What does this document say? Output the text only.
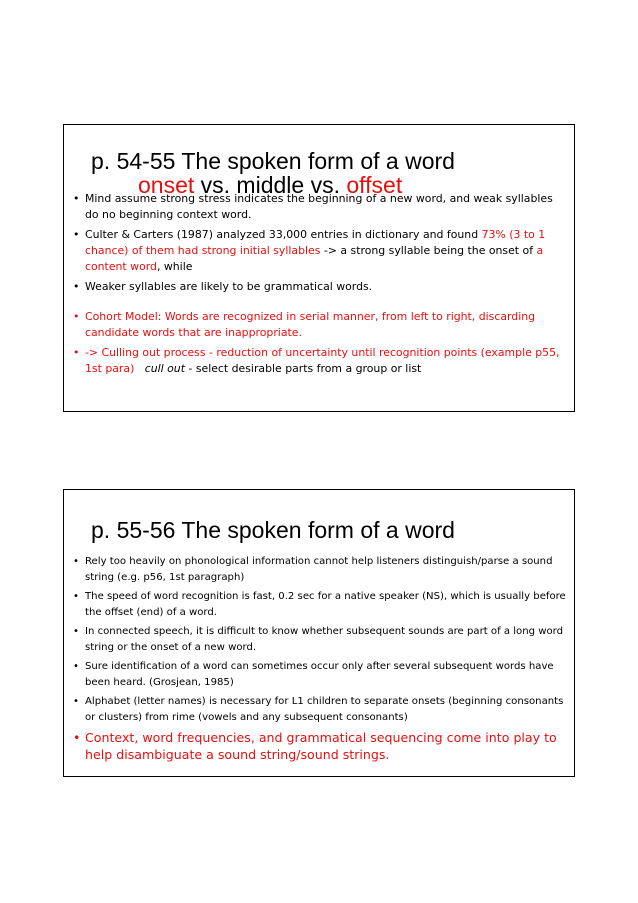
p. 54-55 The spoken form of a word
onset vs. middle vs. offset
• Mind assume strong stress indicates the beginning of a new word, and weak syllables do no beginning context word.
• Culter & Carters (1987) analyzed 33,000 entries in dictionary and found 73% (3 to 1 chance) of them had strong initial syllables -> a strong syllable being the onset of a content word, while
• Weaker syllables are likely to be grammatical words.
• Cohort Model: Words are recognized in serial manner, from left to right, discarding candidate words that are inappropriate.
• -> Culling out process - reduction of uncertainty until recognition points (example p55, 1st para) cull out - select desirable parts from a group or list
p. 55-56 The spoken form of a word
• Rely too heavily on phonological information cannot help listeners distinguish/parse a sound string (e.g. p56, 1st paragraph)
• The speed of word recognition is fast, 0.2 sec for a native speaker (NS), which is usually before the offset (end) of a word.
• In connected speech, it is difficult to know whether subsequent sounds are part of a long word string or the onset of a new word.
• Sure identification of a word can sometimes occur only after several subsequent words have been heard. (Grosjean, 1985)
• Alphabet (letter names) is necessary for L1 children to separate onsets (beginning consonants or clusters) from rime (vowels and any subsequent consonants)
• Context, word frequencies, and grammatical sequencing come into play to help disambiguate a sound string/sound strings.
